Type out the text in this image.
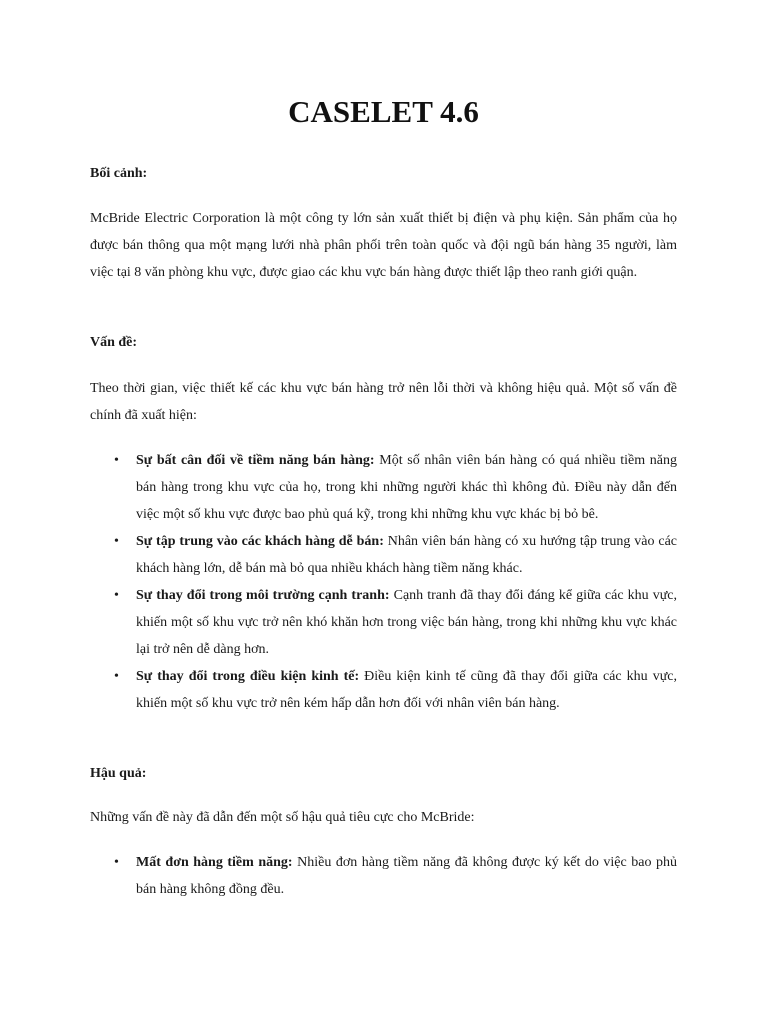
CASELET 4.6

Bối cảnh:

McBride Electric Corporation là một công ty lớn sản xuất thiết bị điện và phụ kiện. Sản phẩm của họ được bán thông qua một mạng lưới nhà phân phối trên toàn quốc và đội ngũ bán hàng 35 người, làm việc tại 8 văn phòng khu vực, được giao các khu vực bán hàng được thiết lập theo ranh giới quận.

Vấn đề:

Theo thời gian, việc thiết kế các khu vực bán hàng trở nên lỗi thời và không hiệu quả. Một số vấn đề chính đã xuất hiện:

• Sự bất cân đối về tiềm năng bán hàng: Một số nhân viên bán hàng có quá nhiều tiềm năng bán hàng trong khu vực của họ, trong khi những người khác thì không đủ. Điều này dẫn đến việc một số khu vực được bao phủ quá kỹ, trong khi những khu vực khác bị bỏ bê.
• Sự tập trung vào các khách hàng dễ bán: Nhân viên bán hàng có xu hướng tập trung vào các khách hàng lớn, dễ bán mà bỏ qua nhiều khách hàng tiềm năng khác.
• Sự thay đổi trong môi trường cạnh tranh: Cạnh tranh đã thay đổi đáng kể giữa các khu vực, khiến một số khu vực trở nên khó khăn hơn trong việc bán hàng, trong khi những khu vực khác lại trở nên dễ dàng hơn.
• Sự thay đổi trong điều kiện kinh tế: Điều kiện kinh tế cũng đã thay đổi giữa các khu vực, khiến một số khu vực trở nên kém hấp dẫn hơn đối với nhân viên bán hàng.

Hậu quả:

Những vấn đề này đã dẫn đến một số hậu quả tiêu cực cho McBride:

• Mất đơn hàng tiềm năng: Nhiều đơn hàng tiềm năng đã không được ký kết do việc bao phủ bán hàng không đồng đều.
